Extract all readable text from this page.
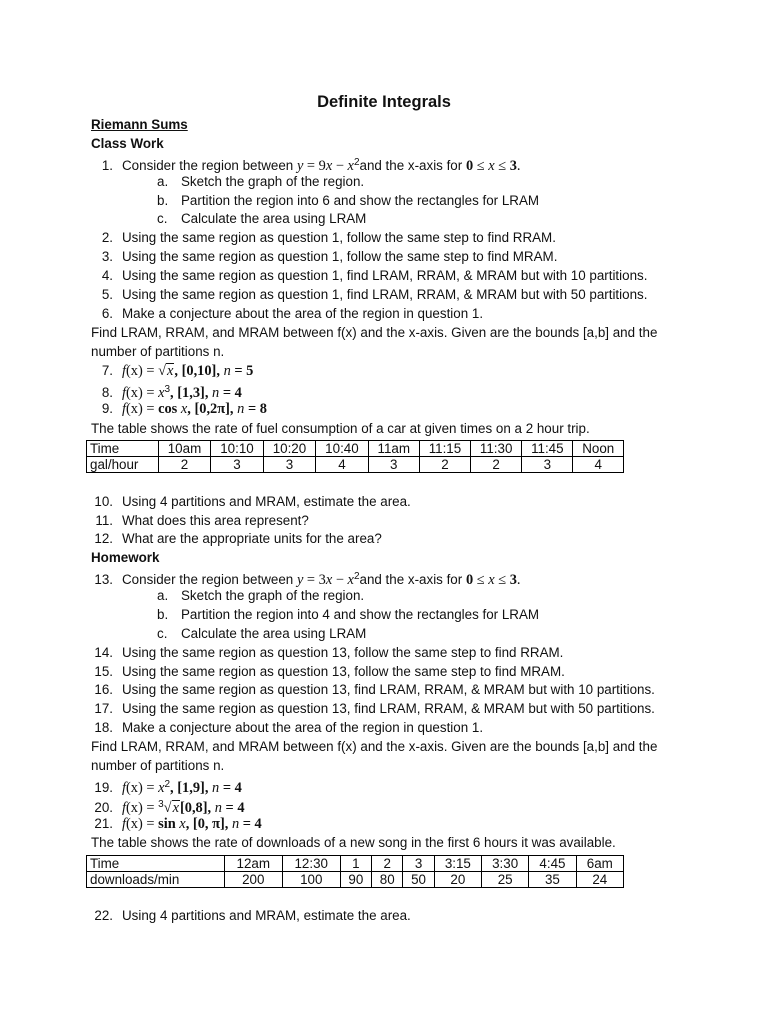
Definite Integrals
Riemann Sums
Class Work
1. Consider the region between $y = 9x - x^2and$ the x-axis for 0 ≤ x ≤ 3.
a. Sketch the graph of the region.
b. Partition the region into 6 and show the rectangles for LRAM
c. Calculate the area using LRAM
2. Using the same region as question 1, follow the same step to find RRAM.
3. Using the same region as question 1, follow the same step to find MRAM.
4. Using the same region as question 1, find LRAM, RRAM, & MRAM but with 10 partitions.
5. Using the same region as question 1, find LRAM, RRAM, & MRAM but with 50 partitions.
6. Make a conjecture about the area of the region in question 1.
Find LRAM, RRAM, and MRAM between f(x) and the x-axis. Given are the bounds [a,b] and the
number of partitions n.
7. f(x) = √x, [0,10], n = 5
8. $f(x) = x^3$, [1,3], n = 4
9. f(x) = cos x, [0,2π], n = 8
The table shows the rate of fuel consumption of a car at given times on a 2 hour trip.
Time	10am	10:10	10:20	10:40	11am	11:15	11:30	11:45	Noon
gal/hour	2	3	3	4	3	2	2	3	4
10. Using 4 partitions and MRAM, estimate the area.
11. What does this area represent?
12. What are the appropriate units for the area?
Homework
13. Consider the region between $y = 3x - x^2and$ the x-axis for 0 ≤ x ≤ 3.
a. Sketch the graph of the region.
b. Partition the region into 4 and show the rectangles for LRAM
c. Calculate the area using LRAM
14. Using the same region as question 13, follow the same step to find RRAM.
15. Using the same region as question 13, follow the same step to find MRAM.
16. Using the same region as question 13, find LRAM, RRAM, & MRAM but with 10 partitions.
17. Using the same region as question 13, find LRAM, RRAM, & MRAM but with 50 partitions.
18. Make a conjecture about the area of the region in question 1.
Find LRAM, RRAM, and MRAM between f(x) and the x-axis. Given are the bounds [a,b] and the
number of partitions n.
19. $f(x) = x^2$, [1,9], n = 4
20. f(x) = $^3$√x[0,8], n = 4
21. f(x) = sin x, [0, π], n = 4
The table shows the rate of downloads of a new song in the first 6 hours it was available.
Time	12am	12:30	1	2	3	3:15	3:30	4:45	6am
downloads/min	200	100	90	80	50	20	25	35	24
22. Using 4 partitions and MRAM, estimate the area.
